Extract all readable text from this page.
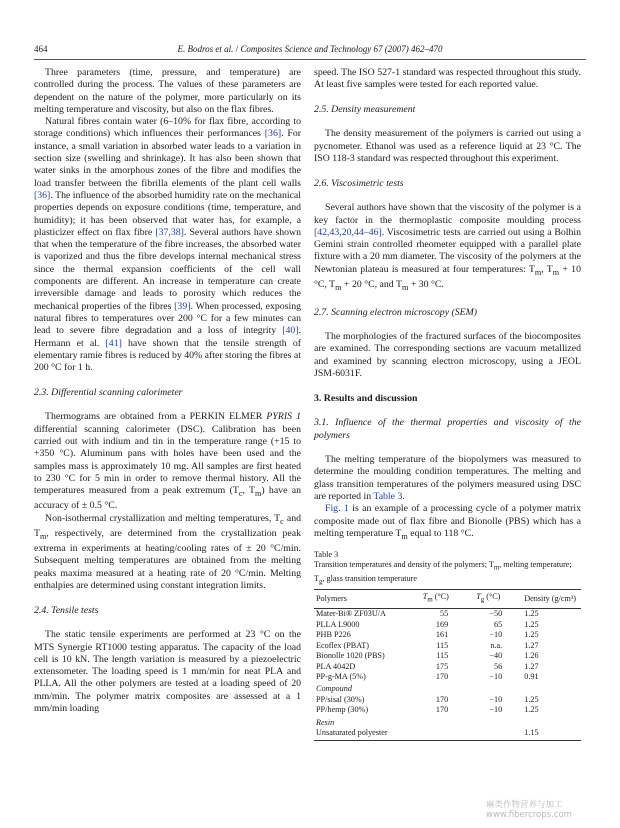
464	E. Bodros et al. / Composites Science and Technology 67 (2007) 462–470

Three parameters (time, pressure, and temperature) are controlled during the process. The values of these parameters are dependent on the nature of the polymer, more particularly on its melting temperature and viscosity, but also on the flax fibres.

Natural fibres contain water (6–10% for flax fibre, according to storage conditions) which influences their performances [36]. For instance, a small variation in absorbed water leads to a variation in section size (swelling and shrinkage). It has also been shown that water sinks in the amorphous zones of the fibre and modifies the load transfer between the fibrilla elements of the plant cell walls [36]. The influence of the absorbed humidity rate on the mechanical properties depends on exposure conditions (time, temperature, and humidity); it has been observed that water has, for example, a plasticizer effect on flax fibre [37,38]. Several authors have shown that when the temperature of the fibre increases, the absorbed water is vaporized and thus the fibre develops internal mechanical stress since the thermal expansion coefficients of the cell wall components are different. An increase in temperature can create irreversible damage and leads to porosity which reduces the mechanical properties of the fibres [39]. When processed, exposing natural fibres to temperatures over 200 °C for a few minutes can lead to severe fibre degradation and a loss of integrity [40]. Hermann et al. [41] have shown that the tensile strength of elementary ramie fibres is reduced by 40% after storing the fibres at 200 °C for 1 h.

2.3. Differential scanning calorimeter

Thermograms are obtained from a PERKIN ELMER PYRIS 1 differential scanning calorimeter (DSC). Calibration has been carried out with indium and tin in the temperature range (+15 to +350 °C). Aluminum pans with holes have been used and the samples mass is approximately 10 mg. All samples are first heated to 230 °C for 5 min in order to remove thermal history. All the temperatures measured from a peak extremum ($T_c$, $T_m$) have an accuracy of ± 0.5 °C.

Non-isothermal crystallization and melting temperatures, $T_c$ and $T_m$, respectively, are determined from the crystallization peak extrema in experiments at heating/cooling rates of ± 20 °C/min. Subsequent melting temperatures are obtained from the melting peaks maxima measured at a heating rate of 20 °C/min. Melting enthalpies are determined using constant integration limits.

2.4. Tensile tests

The static tensile experiments are performed at 23 °C on the MTS Synergie RT1000 testing apparatus. The capacity of the load cell is 10 kN. The length variation is measured by a piezoelectric extensometer. The loading speed is 1 mm/min for neat PLA and PLLA. All the other polymers are tested at a loading speed of 20 mm/min. The polymer matrix composites are assessed at a 1 mm/min loading

speed. The ISO 527-1 standard was respected throughout this study. At least five samples were tested for each reported value.

2.5. Density measurement

The density measurement of the polymers is carried out using a pycnometer. Ethanol was used as a reference liquid at 23 °C. The ISO 118-3 standard was respected throughout this experiment.

2.6. Viscosimetric tests

Several authors have shown that the viscosity of the polymer is a key factor in the thermoplastic composite moulding process [42,43,20,44–46]. Viscosimetric tests are carried out using a Bolhin Gemini strain controlled rheometer equipped with a parallel plate fixture with a 20 mm diameter. The viscosity of the polymers at the Newtonian plateau is measured at four temperatures: $T_m$, $T_m + 10$ °C, $T_m + 20$ °C, and $T_m + 30$ °C.

2.7. Scanning electron microscopy (SEM)

The morphologies of the fractured surfaces of the biocomposites are examined. The corresponding sections are vacuum metallized and examined by scanning electron microscopy, using a JEOL JSM-6031F.

3. Results and discussion
3.1. Influence of the thermal properties and viscosity of the polymers

The melting temperature of the biopolymers was measured to determine the moulding condition temperatures. The melting and glass transition temperatures of the polymers measured using DSC are reported in Table 3.

Fig. 1 is an example of a processing cycle of a polymer matrix composite made out of flax fibre and Bionolle (PBS) which has a melting temperature $T_m$ equal to 118 °C.

Table 3
Transition temperatures and density of the polymers; $T_m$, melting temperature; $T_g$, glass transition temperature
Polymers	$T_m$ (°C)	$T_g$ (°C)	Density (g/cm³)
Mater-Bi® ZF03U/A	55	−50	1.25
PLLA L9000	169	65	1.25
PHB P226	161	−10	1.25
Ecoflex (PBAT)	115	n.a.	1.27
Bionolle 1020 (PBS)	115	−40	1.26
PLA 4042D	175	56	1.27
PP-g-MA (5%)	170	−10	0.91
Compound			
PP/sisal (30%)	170	−10	1.25
PP/hemp (30%)	170	−10	1.25
Resin			
Unsaturated polyester			1.15
麻类作物营养与加工 www.fibercrops.com
